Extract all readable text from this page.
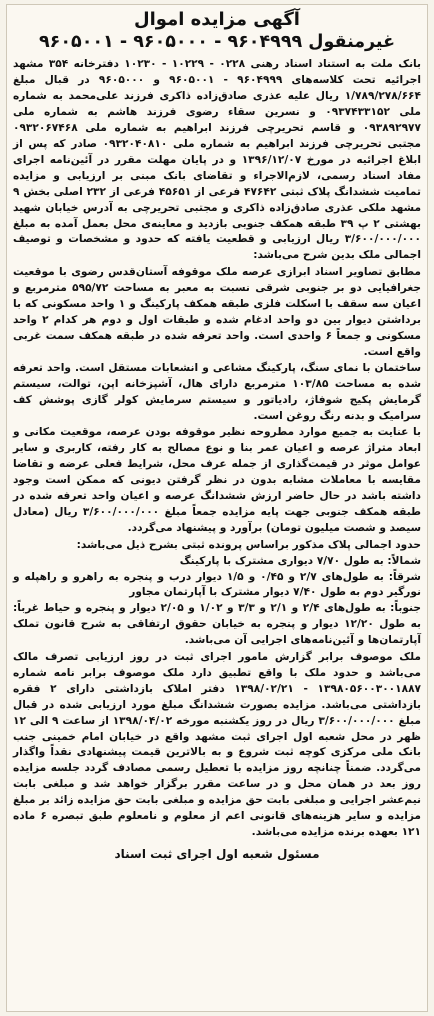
آگهی مزایده اموال
غیرمنقول ۹۶۰۴۹۹۹ - ۹۶۰۵۰۰۰ - ۹۶۰۵۰۰۱

بانک ملت به استناد اسناد رهنی ۰۲۲۸ - ۱۰۲۲۹ - ۱۰۲۳۰ دفترخانه ۳۵۴ مشهد اجرائیه تحت کلاسه‌های ۹۶۰۴۹۹۹ - ۹۶۰۵۰۰۱ و ۹۶۰۵۰۰۰ در قبال مبلغ ۱/۷۸۹/۲۷۸/۶۶۴ ریال علیه عذری صادق‌زاده ذاکری فرزند علی‌محمد به شماره ملی ۰۹۳۷۴۳۳۱۵۲ و نسرین سقاء رضوی فرزند هاشم به شماره ملی ۰۹۳۸۹۲۹۷۷ و قاسم تحریرچی فرزند ابراهیم به شماره ملی ۰۹۳۲۰۶۷۴۶۸ مجتبی تحریرچی فرزند ابراهیم به شماره ملی ۰۹۳۲۰۴۰۸۱۰ صادر که پس از ابلاغ اجرائیه در مورخ ۱۳۹۶/۱۲/۰۷ و در پایان مهلت مقرر در آئین‌نامه اجرای مفاد اسناد رسمی، لازم‌الاجراء و تقاضای بانک مبنی بر ارزیابی و مزایده تمامیت ششدانگ پلاک ثبتی ۴۷۶۴۲ فرعی از ۴۵۶۵۱ فرعی از ۲۳۲ اصلی بخش ۹ مشهد ملکی عذری صادق‌زاده ذاکری و مجتبی تحریرچی به آدرس خیابان شهید بهشتی ۲ پ ۳۹ طبقه همکف جنوبی بازدید و معاینه‌ی محل بعمل آمده به مبلغ ۳/۶۰۰/۰۰۰/۰۰۰ ریال ارزیابی و قطعیت یافته که حدود و مشخصات و توصیف اجمالی ملک بدین شرح می‌باشد:

مطابق تصاویر اسناد ابرازی عرصه ملک موقوفه آستان‌قدس رضوی با موقعیت جغرافیایی دو بر جنوبی شرقی نسبت به معبر به مساحت ۵۹۵/۷۲ مترمربع و اعیان سه سقف با اسکلت فلزی طبقه همکف پارکینگ و ۱ واحد مسکونی که با برداشتن دیوار بین دو واحد ادغام شده و طبقات اول و دوم هر کدام ۲ واحد مسکونی و جمعاً ۶ واحدی است. واحد تعرفه شده در طبقه همکف سمت غربی واقع است.

ساختمان با نمای سنگ، پارکینگ مشاعی و انشعابات مستقل است. واحد تعرفه شده به مساحت ۱۰۳/۸۵ مترمربع دارای هال، آشپزخانه اپن، توالت، سیستم گرمایش پکیج شوفاژ، رادیاتور و سیستم سرمایش کولر گازی پوشش کف سرامیک و بدنه رنگ روغن است.

با عنایت به جمیع موارد مطروحه نظیر موقوفه بودن عرصه، موقعیت مکانی و ابعاد متراژ عرصه و اعیان عمر بنا و نوع مصالح به کار رفته، کاربری و سایر عوامل موثر در قیمت‌گذاری از جمله عرف محل، شرایط فعلی عرضه و تقاضا مقایسه با معاملات مشابه بدون در نظر گرفتن دیونی که ممکن است وجود داشته باشد در حال حاضر ارزش ششدانگ عرصه و اعیان واحد تعرفه شده در طبقه همکف جنوبی جهت پایه مزایده جمعاً مبلغ ۳/۶۰۰/۰۰۰/۰۰۰ ریال (معادل سیصد و شصت میلیون تومان) برآورد و پیشنهاد می‌گردد.

حدود اجمالی پلاک مذکور براساس پرونده ثبتی بشرح ذیل می‌باشد:

شمالاً: به طول ۷/۷۰ دیواری مشترک با پارکینگ

شرقاً: به طول‌های ۲/۷ و ۰/۴۵ و ۱/۵ دیوار درب و پنجره به راهرو و راهپله و نورگیر دوم به طول ۷/۴۰ دیوار مشترک با آپارتمان مجاور

جنوباً: به طول‌های ۲/۴ و ۲/۱ و ۳/۳ و ۱/۰۲ و ۲/۰۵ دیوار و پنجره و حیاط غرباً: به طول ۱۲/۲۰ دیوار و پنجره به خیابان حقوق ارتفاقی به شرح قانون تملک آپارتمان‌ها و آئین‌نامه‌های اجرایی آن می‌باشد.

ملک موصوف برابر گزارش مامور اجرای ثبت در روز ارزیابی تصرف مالک می‌باشد و حدود ملک با واقع تطبیق دارد ملک موصوف برابر نامه شماره ۱۳۹۸۰۵۶۰۰۳۰۰۱۸۸۷ - ۱۳۹۸/۰۲/۲۱ دفتر املاک بازداشتی دارای ۲ فقره بازداشتی می‌باشد. مزایده بصورت ششدانگ مبلغ مورد ارزیابی شده در قبال مبلغ ۳/۶۰۰/۰۰۰/۰۰۰ ریال در روز یکشنبه مورخه ۱۳۹۸/۰۴/۰۲ از ساعت ۹ الی ۱۲ ظهر در محل شعبه اول اجرای ثبت مشهد واقع در خیابان امام خمینی جنب بانک ملی مرکزی کوچه ثبت شروع و به بالاترین قیمت پیشنهادی نقداً واگذار می‌گردد. ضمناً چنانچه روز مزایده با تعطیل رسمی مصادف گردد جلسه مزایده روز بعد در همان محل و در ساعت مقرر برگزار خواهد شد و مبلغی بابت نیم‌عشر اجرایی و مبلغی بابت حق مزایده و مبلغی بابت حق مزایده زائد بر مبلغ مزایده و سایر هزینه‌های قانونی اعم از معلوم و نامعلوم طبق تبصره ۶ ماده ۱۲۱ بعهده برنده مزایده می‌باشد.

مسئول شعبه اول اجرای ثبت اسناد
